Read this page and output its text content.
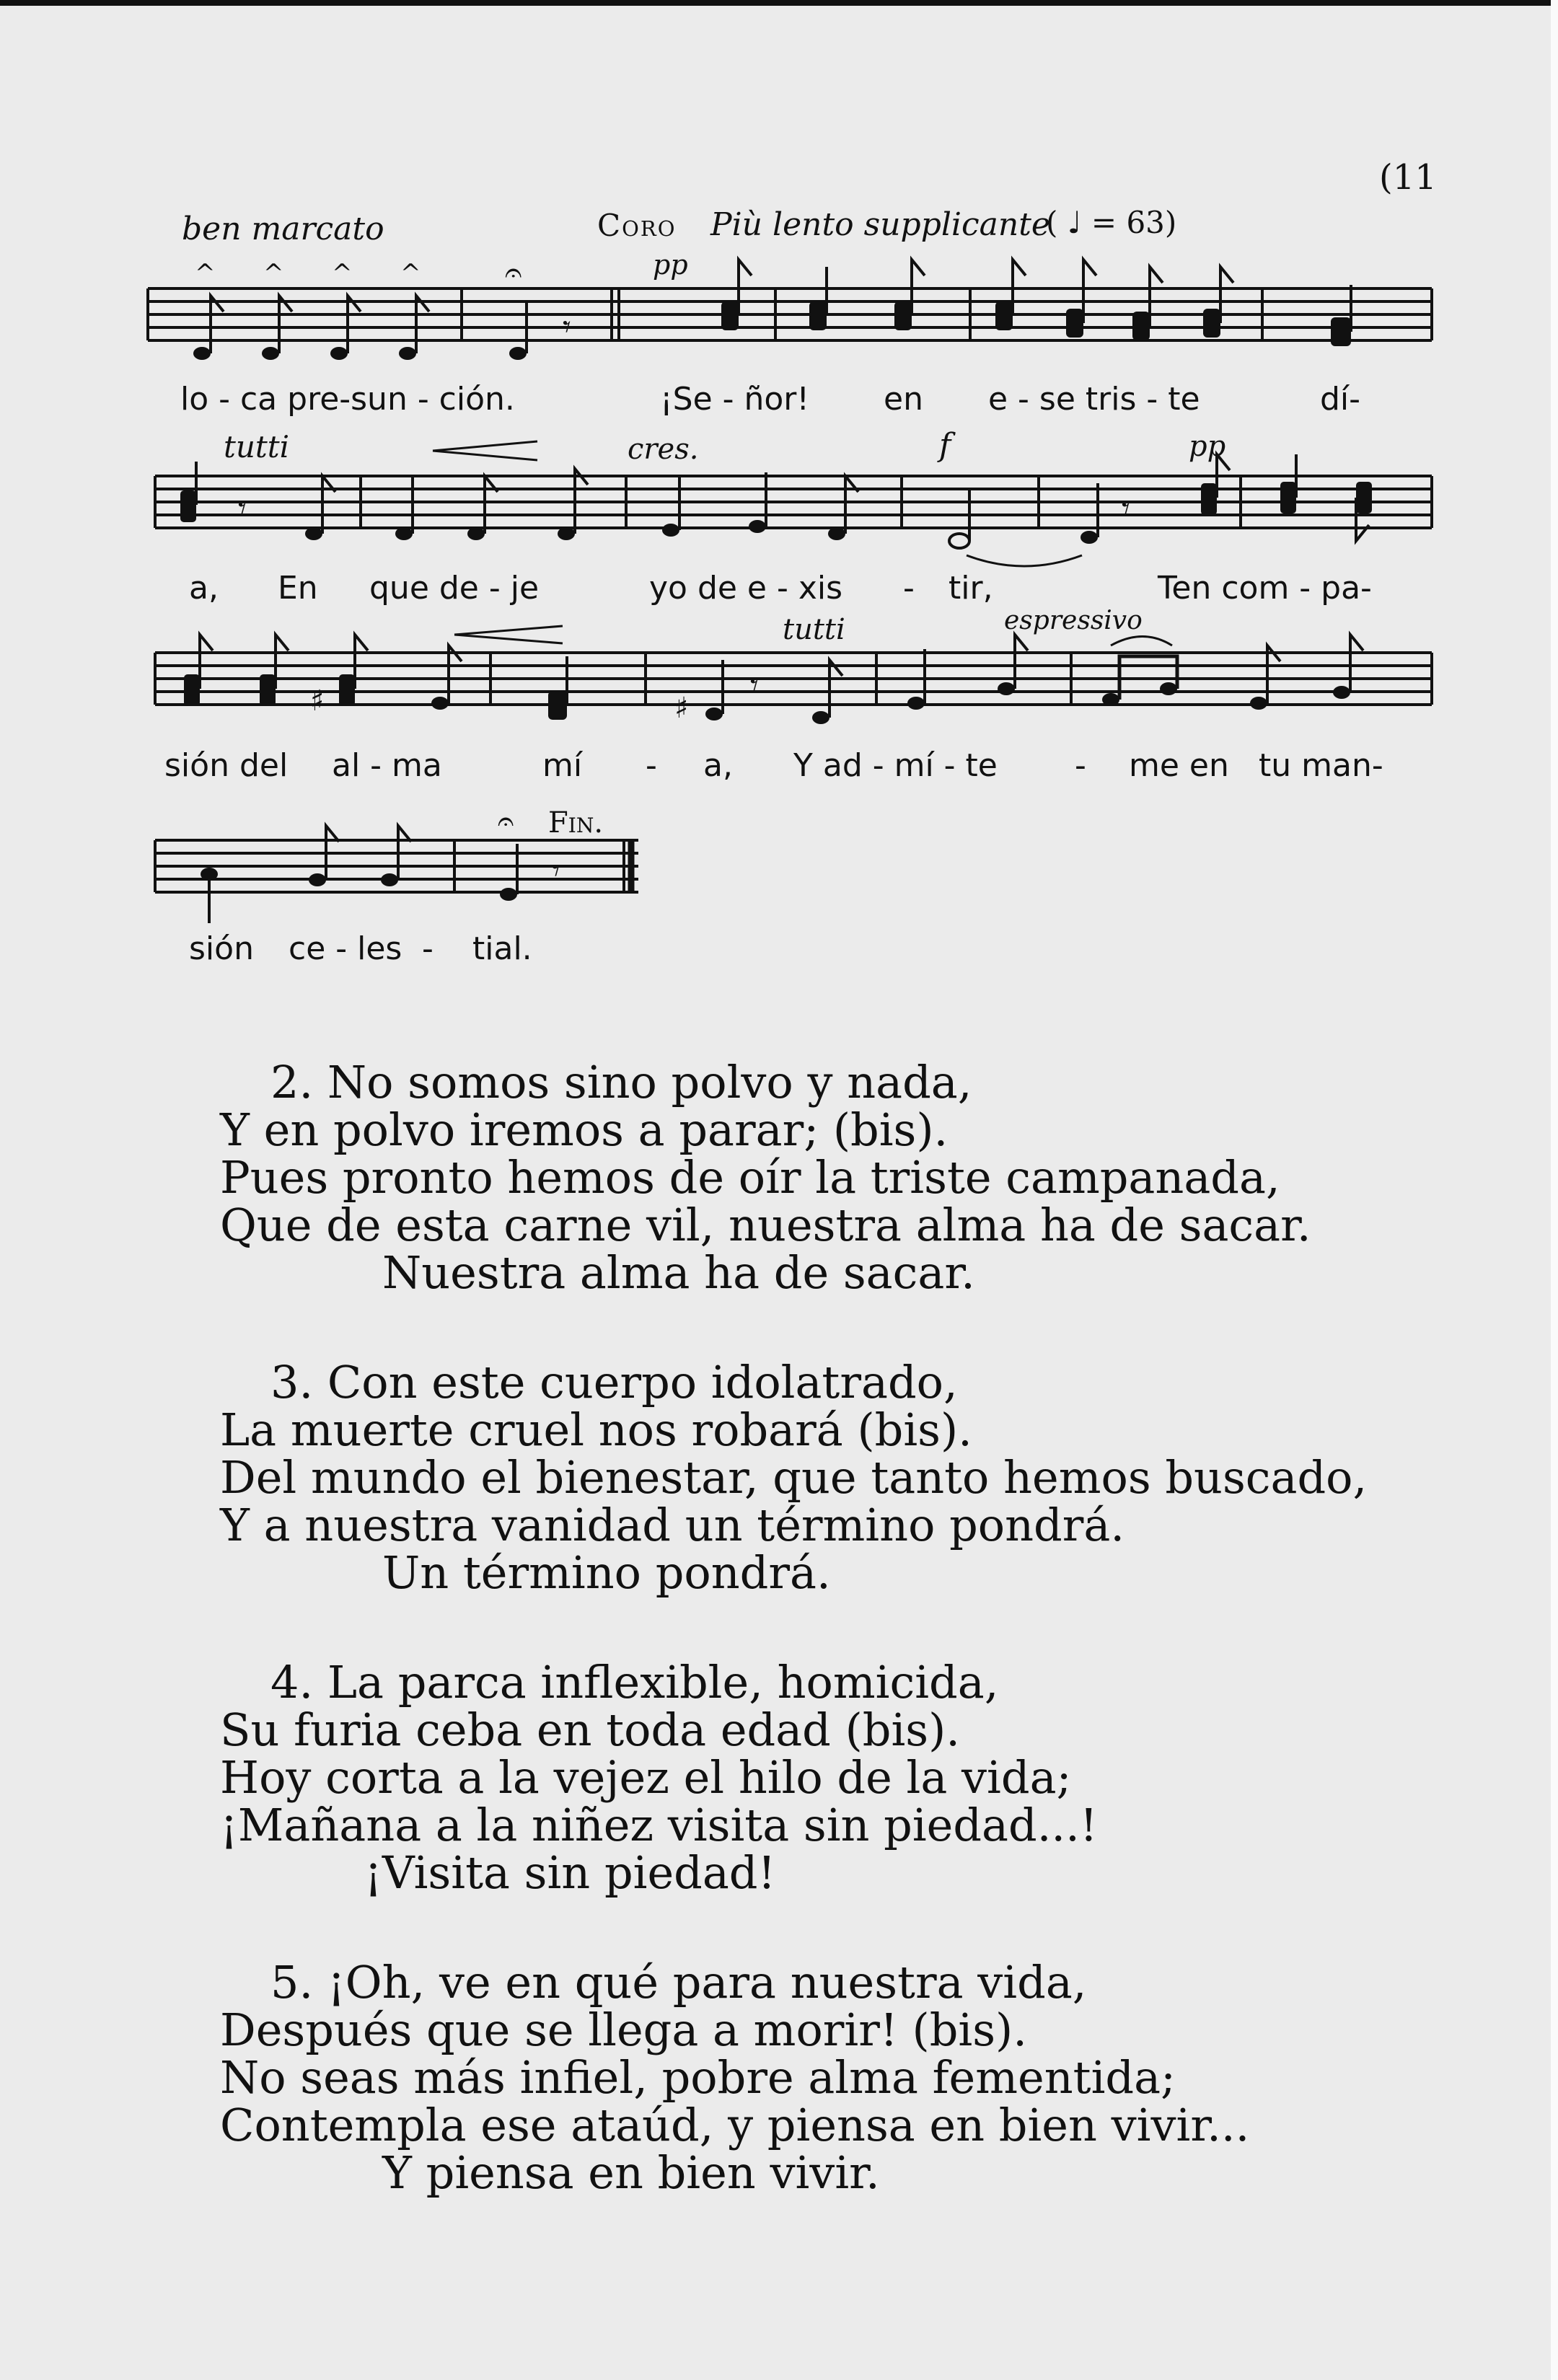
(11
ben marcato	Coro Più lento supplicante
( ♩ = 63)
pp
tutti	cres.	f	pp
tutti	espressivo
Fin.
lo - ca pre-sun - ción.	¡Se - ñor! en e - se tris - te	dí-
a, En que de - je	yo de e - xis - tir,	Ten com - pa-
sión del al - ma	mí - a, Y ad - mí - te - me en tu man-
sión ce - les - tial.
^ ^ ^ ^	𝄐
𝄐
𝄾
𝄾	𝄾
♯	♯
𝄾
𝄾
2. No somos sino polvo y nada,
Y en polvo iremos a parar; (bis).
Pues pronto hemos de oír la triste campanada,
Que de esta carne vil, nuestra alma ha de sacar.
Nuestra alma ha de sacar.
3. Con este cuerpo idolatrado,
La muerte cruel nos robará (bis).
Del mundo el bienestar, que tanto hemos buscado,
Y a nuestra vanidad un término pondrá.
Un término pondrá.
4. La parca inflexible, homicida,
Su furia ceba en toda edad (bis).
Hoy corta a la vejez el hilo de la vida;
¡Mañana a la niñez visita sin piedad...!
¡Visita sin piedad!
5. ¡Oh, ve en qué para nuestra vida,
Después que se llega a morir! (bis).
No seas más infiel, pobre alma fementida;
Contempla ese ataúd, y piensa en bien vivir...
Y piensa en bien vivir.
